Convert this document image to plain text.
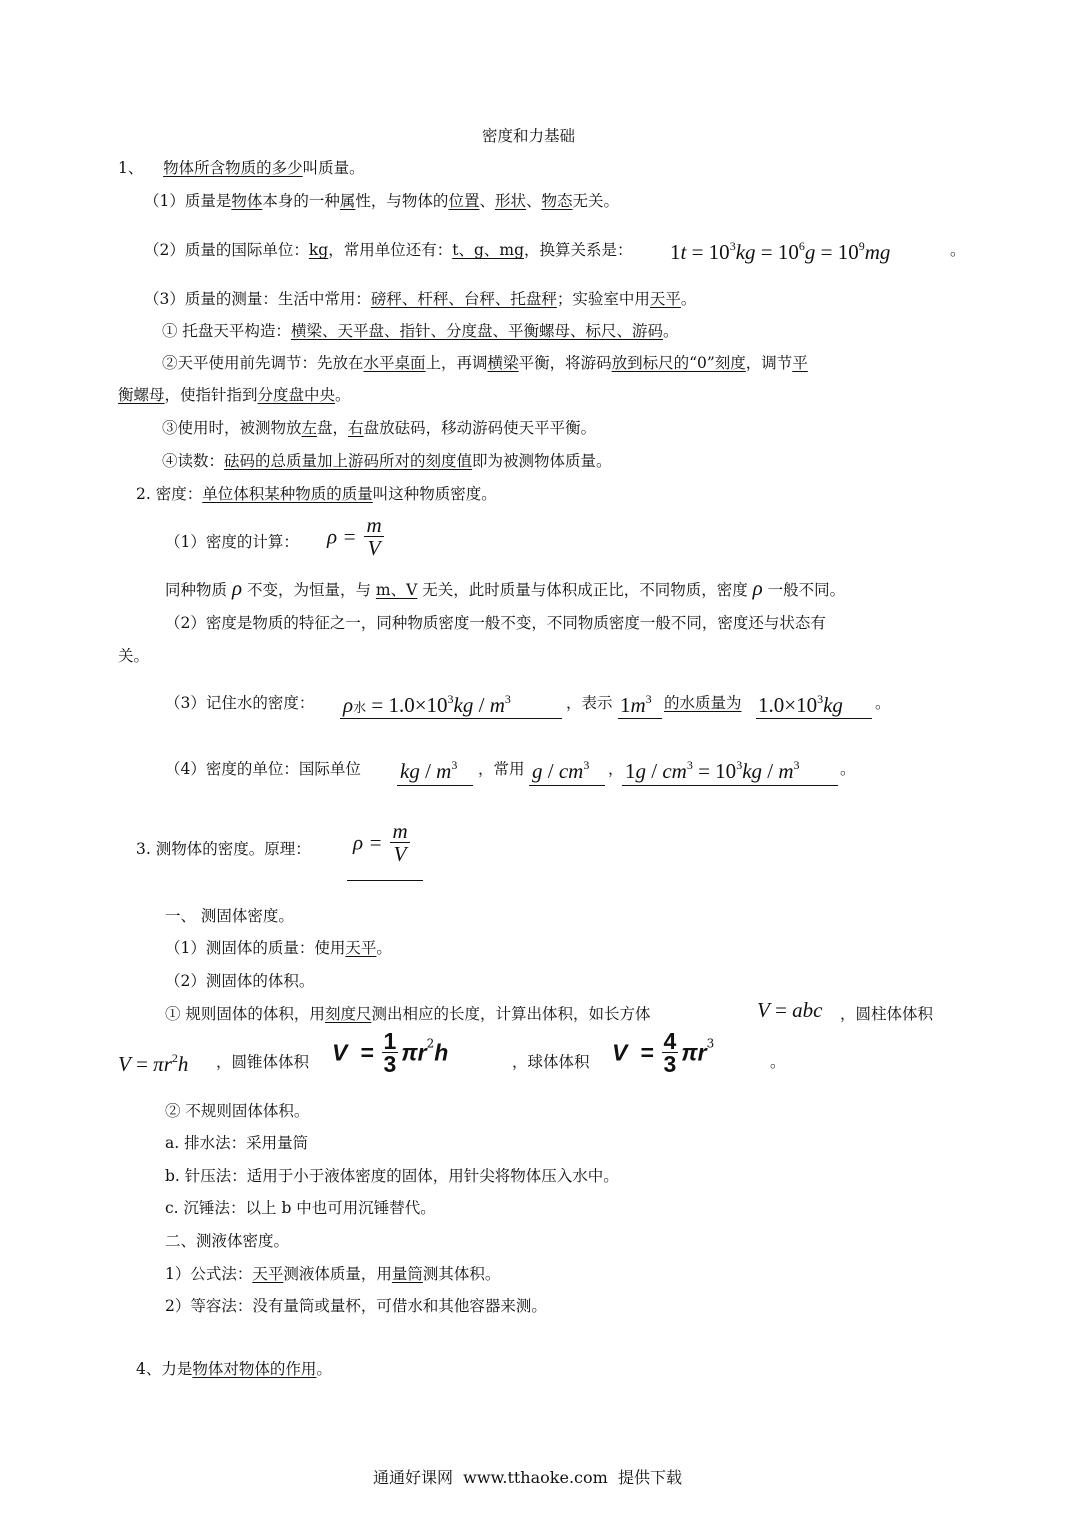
密度和力基础
1、 物体所含物质的多少叫质量。
（1）质量是物体本身的一种属性，与物体的位置、形状、物态无关。
（2）质量的国际单位：kg，常用单位还有：t、g、mg，换算关系是： $1t = 10^3kg = 10^6g = 10^9mg$	。
（3）质量的测量：生活中常用：磅秤、杆秤、台秤、托盘秤；实验室中用天平。
① 托盘天平构造：横梁、天平盘、指针、分度盘、平衡螺母、标尺、游码。
②天平使用前先调节：先放在水平桌面上，再调横梁平衡，将游码放到标尺的“0”刻度，调节平
衡螺母，使指针指到分度盘中央。
③使用时，被测物放左盘，右盘放砝码，移动游码使天平平衡。
④读数：砝码的总质量加上游码所对的刻度值即为被测物体质量。
2. 密度：单位体积某种物质的质量叫这种物质密度。
（1）密度的计算： $\rho = \frac{m}{V}$
同种物质 ρ 不变，为恒量，与 m、V 无关，此时质量与体积成正比，不同物质，密度 ρ 一般不同。
（2）密度是物质的特征之一，同种物质密度一般不变，不同物质密度一般不同，密度还与状态有
关。
（3）记住水的密度： ρ水 = $1.0\times 10^3kg / m^3$	，表示 $1m^3$ 的水质量为 $1.0\times 10^3kg$ 。
（4）密度的单位：国际单位 kg / $m^3$ ，常用 g / $cm^3$ ， $1g / cm^3 = 10^3kg / m^3$	。
3. 测物体的密度。原理： $\rho = \frac{m}{V}$
一、 测固体密度。
（1）测固体的质量：使用天平。
（2）测固体的体积。
① 规则固体的体积，用刻度尺测出相应的长度，计算出体积，如长方体	V = abc ，圆柱体体积
$V = \pi r^2h$ ，圆锥体体积 $V = \frac{1}{3} \pi r^2h$	，球体体积 $V = \frac{4}{3} \pi r^3$
。
② 不规则固体体积。
a. 排水法：采用量筒
b. 针压法：适用于小于液体密度的固体，用针尖将物体压入水中。
c. 沉锤法：以上 b 中也可用沉锤替代。
二、测液体密度。
1）公式法：天平测液体质量，用量筒测其体积。
2）等容法：没有量筒或量杯，可借水和其他容器来测。
4、力是物体对物体的作用。
通通好课网  www.tthaoke.com  提供下载
